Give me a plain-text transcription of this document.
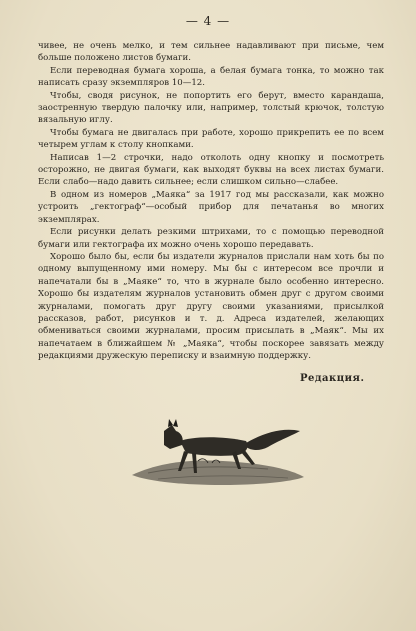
— 4 —

чивее, не очень мелко, и тем сильнее надавливают при письме, чем больше положено листов бумаги.

Если переводная бумага хороша, а белая бумага тонка, то можно так написать сразу экземпляров 10—12.

Чтобы, сводя рисунок, не попортить его берут, вместо карандаша, заостренную твердую палочку или, например, толстый крючок, толстую вязальную иглу.

Чтобы бумага не двигалась при работе, хорошо прикрепить ее по всем четырем углам к столу кнопками.

Написав 1—2 строчки, надо отколоть одну кнопку и посмотреть осторожно, не двигая бумаги, как выходят буквы на всех листах бумаги. Если слабо—надо давить сильнее; если слишком сильно—слабее.

В одном из номеров „Маяка“ за 1917 год мы рассказали, как можно устроить „гектограф“—особый прибор для печатанья во многих экземплярах.

Если рисунки делать резкими штрихами, то с помощью переводной бумаги или гектографа их можно очень хорошо передавать.

Хорошо было бы, если бы издатели журналов прислали нам хоть бы по одному выпущенному ими номеру. Мы бы с интересом все прочли и напечатали бы в „Маяке“ то, что в журнале было особенно интересно. Хорошо бы издателям журналов установить обмен друг с другом своими журналами, помогать друг другу своими указаниями, присылкой рассказов, работ, рисунков и т. д. Адреса издателей, желающих обмениваться своими журналами, просим присылать в „Маяк“. Мы их напечатаем в ближайшем № „Маяка“, чтобы поскорее завязать между редакциями дружескую переписку и взаимную поддержку.

Редакция.
